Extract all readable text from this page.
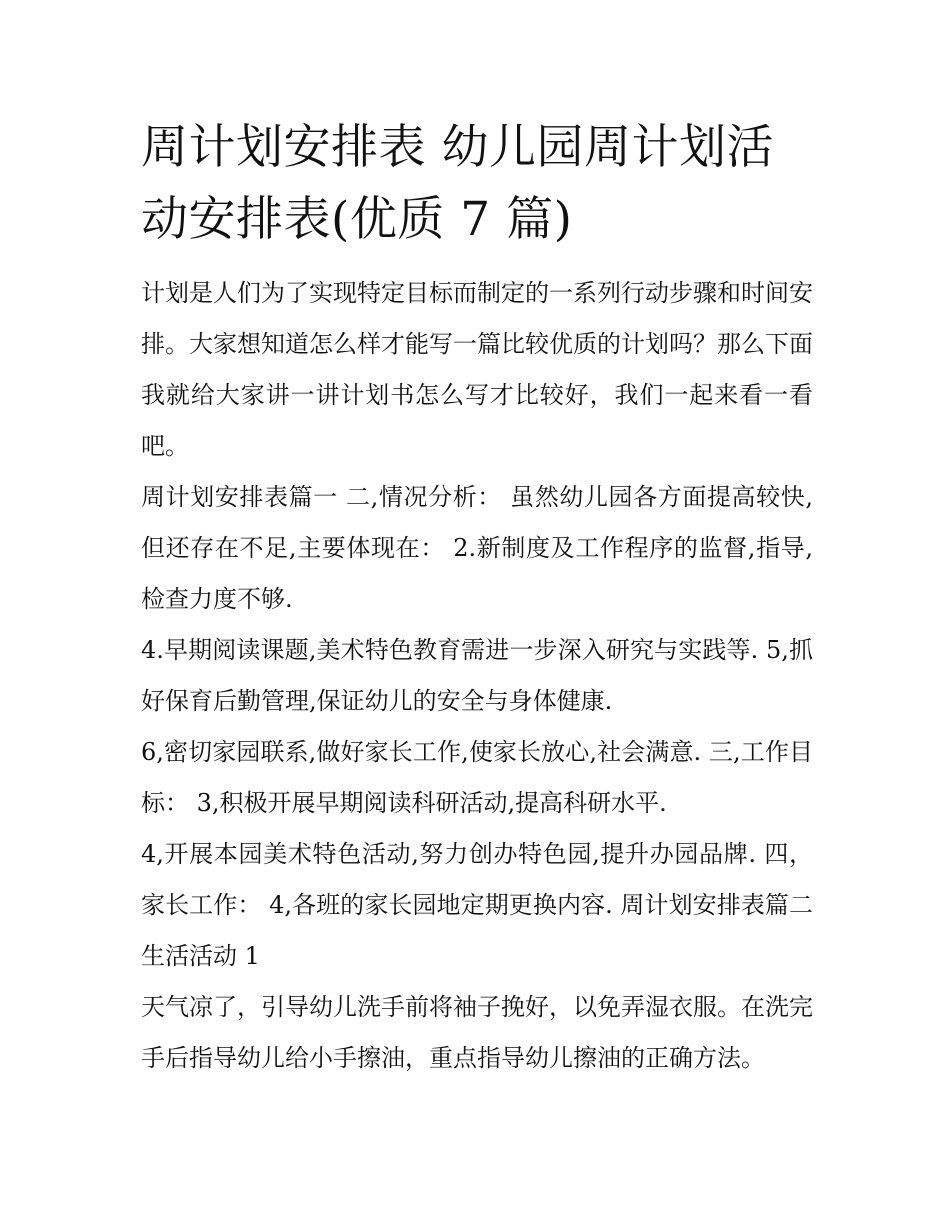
周计划安排表 幼儿园周计划活动安排表(优质 7 篇)

计划是人们为了实现特定目标而制定的一系列行动步骤和时间安排。大家想知道怎么样才能写一篇比较优质的计划吗？那么下面我就给大家讲一讲计划书怎么写才比较好，我们一起来看一看吧。

周计划安排表篇一 二,情况分析： 虽然幼儿园各方面提高较快,但还存在不足,主要体现在： 2.新制度及工作程序的监督,指导,检查力度不够.

4.早期阅读课题,美术特色教育需进一步深入研究与实践等. 5,抓好保育后勤管理,保证幼儿的安全与身体健康.

6,密切家园联系,做好家长工作,使家长放心,社会满意. 三,工作目标： 3,积极开展早期阅读科研活动,提高科研水平.

4,开展本园美术特色活动,努力创办特色园,提升办园品牌. 四，家长工作： 4,各班的家长园地定期更换内容. 周计划安排表篇二 生活活动 1

天气凉了，引导幼儿洗手前将袖子挽好，以免弄湿衣服。在洗完手后指导幼儿给小手擦油，重点指导幼儿擦油的正确方法。
